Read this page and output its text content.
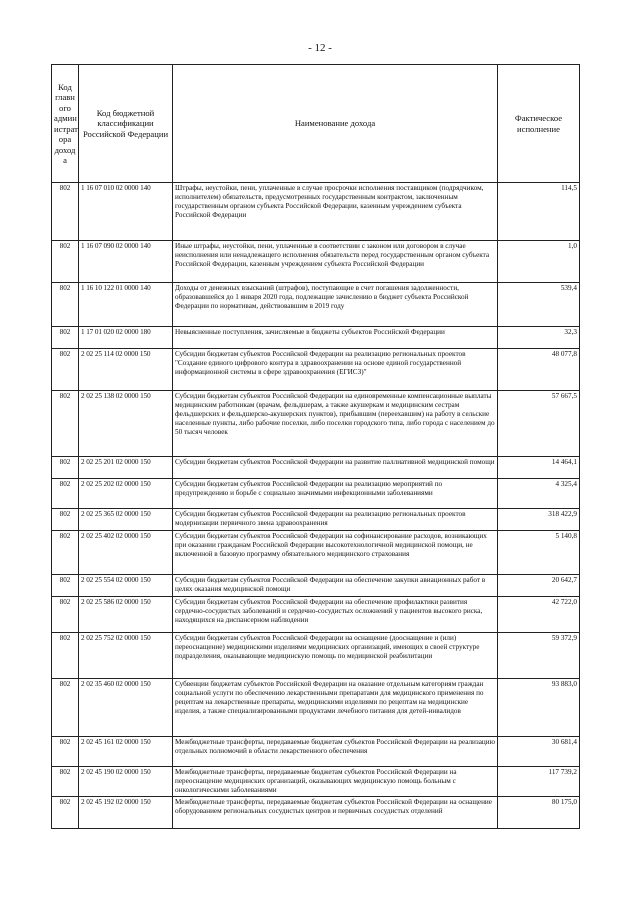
- 12 -
Код главн ого админ истрат ора доход а	Код бюджетной классификации Российской Федерации	Наименование дохода	Фактическое исполнение
802	1 16 07 010 02 0000 140	Штрафы, неустойки, пени, уплаченные в случае просрочки исполнения поставщиком (подрядчиком, исполнителем) обязательств, предусмотренных государственным контрактом, заключенным государственным органом субъекта Российской Федерации, казенным учреждением субъекта Российской Федерации	114,5
802	1 16 07 090 02 0000 140	Иные штрафы, неустойки, пени, уплаченные в соответствии с законом или договором в случае неисполнения или ненадлежащего исполнения обязательств перед государственным органом субъекта Российской Федерации, казенным учреждением субъекта Российской Федерации	1,0
802	1 16 10 122 01 0000 140	Доходы от денежных взысканий (штрафов), поступающие в счет погашения задолженности, образовавшейся до 1 января 2020 года, подлежащие зачислению в бюджет субъекта Российской Федерации по нормативам, действовавшим в 2019 году	539,4
802	1 17 01 020 02 0000 180	Невыясненные поступления, зачисляемые в бюджеты субъектов Российской Федерации	32,3
802	2 02 25 114 02 0000 150	Субсидии бюджетам субъектов Российской Федерации на реализацию региональных проектов "Создание единого цифрового контура в здравоохранении на основе единой государственной информационной системы в сфере здравоохранения (ЕГИСЗ)"	48 077,8
802	2 02 25 138 02 0000 150	Субсидии бюджетам субъектов Российской Федерации на единовременные компенсационные выплаты медицинским работникам (врачам, фельдшерам, а также акушеркам и медицинским сестрам фельдшерских и фельдшерско-акушерских пунктов), прибывшим (переехавшим) на работу в сельские населенные пункты, либо рабочие поселки, либо поселки городского типа, либо города с населением до 50 тысяч человек	57 667,5
802	2 02 25 201 02 0000 150	Субсидии бюджетам субъектов Российской Федерации на развитие паллиативной медицинской помощи	14 464,1
802	2 02 25 202 02 0000 150	Субсидии бюджетам субъектов Российской Федерации на реализацию мероприятий по предупреждению и борьбе с социально значимыми инфекционными заболеваниями	4 325,4
802	2 02 25 365 02 0000 150	Субсидии бюджетам субъектов Российской Федерации на реализацию региональных проектов модернизации первичного звена здравоохранения	318 422,9
802	2 02 25 402 02 0000 150	Субсидии бюджетам субъектов Российской Федерации на софинансирование расходов, возникающих при оказании гражданам Российской Федерации высокотехнологичной медицинской помощи, не включенной в базовую программу обязательного медицинского страхования	5 140,8
802	2 02 25 554 02 0000 150	Субсидии бюджетам субъектов Российской Федерации на обеспечение закупки авиационных работ в целях оказания медицинской помощи	20 642,7
802	2 02 25 586 02 0000 150	Субсидии бюджетам субъектов Российской Федерации на обеспечение профилактики развития сердечно-сосудистых заболеваний и сердечно-сосудистых осложнений у пациентов высокого риска, находящихся на диспансерном наблюдении	42 722,0
802	2 02 25 752 02 0000 150	Субсидии бюджетам субъектов Российской Федерации на оснащение (дооснащение и (или) переоснащение) медицинскими изделиями медицинских организаций, имеющих в своей структуре подразделения, оказывающие медицинскую помощь по медицинской реабилитации	59 372,9
802	2 02 35 460 02 0000 150	Субвенции бюджетам субъектов Российской Федерации на оказание отдельным категориям граждан социальной услуги по обеспечению лекарственными препаратами для медицинского применения по рецептам на лекарственные препараты, медицинскими изделиями по рецептам на медицинские изделия, а также специализированными продуктами лечебного питания для детей-инвалидов	93 883,0
802	2 02 45 161 02 0000 150	Межбюджетные трансферты, передаваемые бюджетам субъектов Российской Федерации на реализацию отдельных полномочий в области лекарственного обеспечения	30 681,4
802	2 02 45 190 02 0000 150	Межбюджетные трансферты, передаваемые бюджетам субъектов Российской Федерации на переоснащение медицинских организаций, оказывающих медицинскую помощь больным с онкологическими заболеваниями	117 739,2
802	2 02 45 192 02 0000 150	Межбюджетные трансферты, передаваемые бюджетам субъектов Российской Федерации на оснащение оборудованием региональных сосудистых центров и первичных сосудистых отделений	80 175,0
